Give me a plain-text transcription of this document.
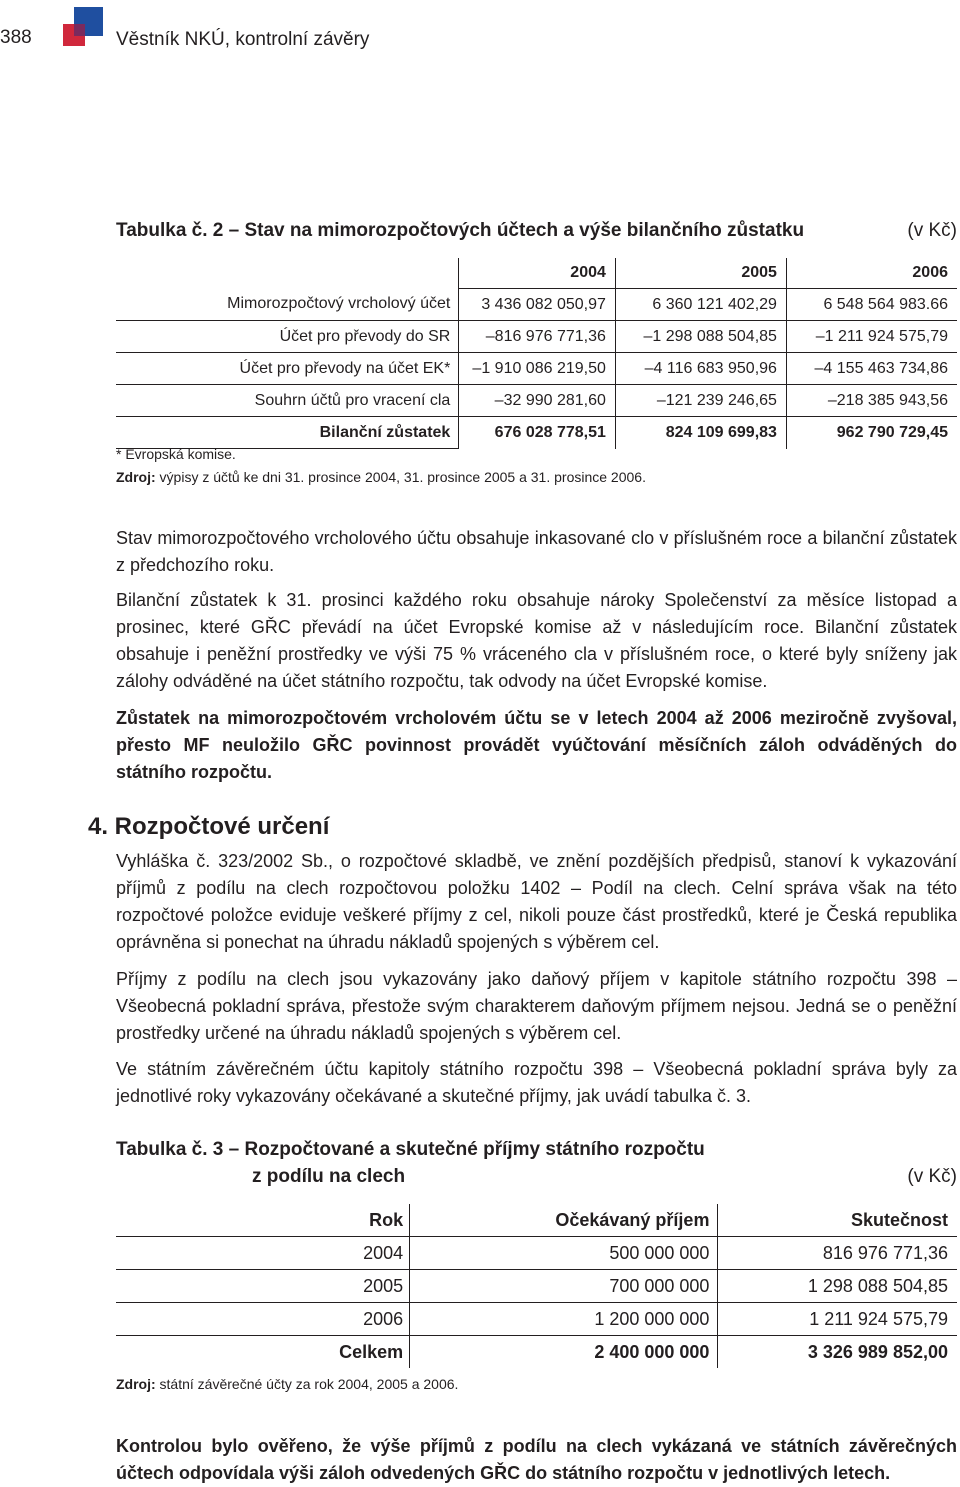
388	Věstník NKÚ, kontrolní závěry
Tabulka č. 2 – Stav na mimorozpočtových účtech a výše bilančního zůstatku	(v Kč)
	2004	2005	2006
Mimorozpočtový vrcholový účet	3 436 082 050,97	6 360 121 402,29	6 548 564 983.66
Účet pro převody do SR	–816 976 771,36	–1 298 088 504,85	–1 211 924 575,79
Účet pro převody na účet EK*	–1 910 086 219,50	–4 116 683 950,96	–4 155 463 734,86
Souhrn účtů pro vracení cla	–32 990 281,60	–121 239 246,65	–218 385 943,56
Bilanční zůstatek	676 028 778,51	824 109 699,83	962 790 729,45
* Evropská komise.
Zdroj: výpisy z účtů ke dni 31. prosince 2004, 31. prosince 2005 a 31. prosince 2006.
Stav mimorozpočtového vrcholového účtu obsahuje inkasované clo v příslušném roce a bilanční zůstatek z předchozího roku.
Bilanční zůstatek k 31. prosinci každého roku obsahuje nároky Společenství za měsíce listopad a prosinec, které GŘC převádí na účet Evropské komise až v následujícím roce. Bilanční zůstatek obsahuje i peněžní prostředky ve výši 75 % vráceného cla v příslušném roce, o které byly sníženy jak zálohy odváděné na účet státního rozpočtu, tak odvody na účet Evropské komise.
Zůstatek na mimorozpočtovém vrcholovém účtu se v letech 2004 až 2006 meziročně zvyšoval, přesto MF neuložilo GŘC povinnost provádět vyúčtování měsíčních záloh odváděných do státního rozpočtu.
4. Rozpočtové určení
Vyhláška č. 323/2002 Sb., o rozpočtové skladbě, ve znění pozdějších předpisů, stanoví k vykazování příjmů z podílu na clech rozpočtovou položku 1402 – Podíl na clech. Celní správa však na této rozpočtové položce eviduje veškeré příjmy z cel, nikoli pouze část prostředků, které je Česká republika oprávněna si ponechat na úhradu nákladů spojených s výběrem cel.
Příjmy z podílu na clech jsou vykazovány jako daňový příjem v kapitole státního rozpočtu 398 – Všeobecná pokladní správa, přestože svým charakterem daňovým příjmem nejsou. Jedná se o peněžní prostředky určené na úhradu nákladů spojených s výběrem cel.
Ve státním závěrečném účtu kapitoly státního rozpočtu 398 – Všeobecná pokladní správa byly za jednotlivé roky vykazovány očekávané a skutečné příjmy, jak uvádí tabulka č. 3.
Tabulka č. 3 – Rozpočtované a skutečné příjmy státního rozpočtu
z podílu na clech	(v Kč)
Rok	Očekávaný příjem	Skutečnost
2004	500 000 000	816 976 771,36
2005	700 000 000	1 298 088 504,85
2006	1 200 000 000	1 211 924 575,79
Celkem	2 400 000 000	3 326 989 852,00
Zdroj: státní závěrečné účty za rok 2004, 2005 a 2006.
Kontrolou bylo ověřeno, že výše příjmů z podílu na clech vykázaná ve státních závěrečných účtech odpovídala výši záloh odvedených GŘC do státního rozpočtu v jednotlivých letech.
